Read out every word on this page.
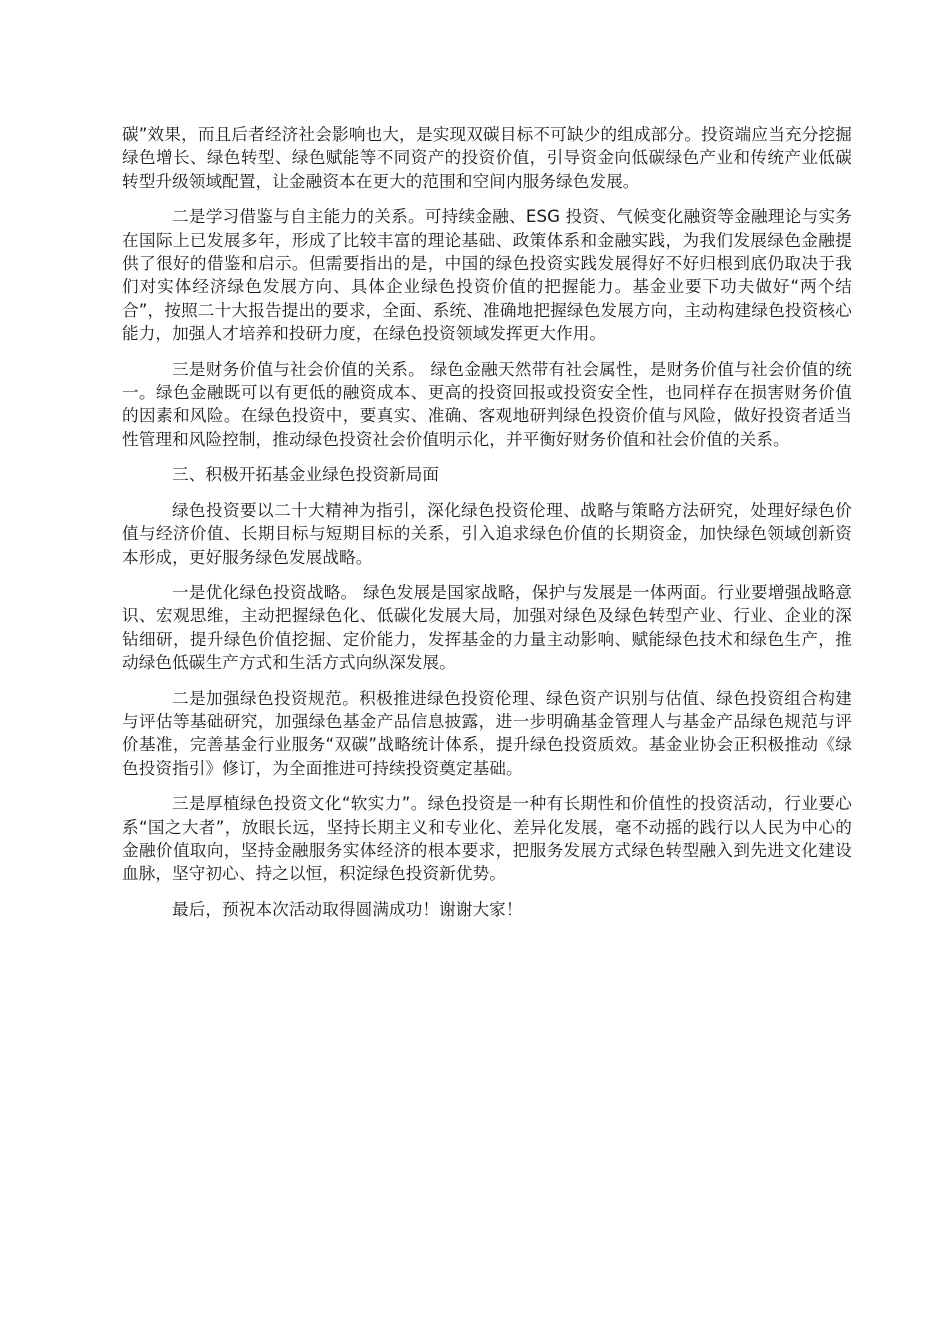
碳”效果，而且后者经济社会影响也大，是实现双碳目标不可缺少的组成部分。投资端应当充分挖掘绿色增长、绿色转型、绿色赋能等不同资产的投资价值，引导资金向低碳绿色产业和传统产业低碳转型升级领域配置，让金融资本在更大的范围和空间内服务绿色发展。

二是学习借鉴与自主能力的关系。可持续金融、ESG 投资、气候变化融资等金融理论与实务在国际上已发展多年，形成了比较丰富的理论基础、政策体系和金融实践，为我们发展绿色金融提供了很好的借鉴和启示。但需要指出的是，中国的绿色投资实践发展得好不好归根到底仍取决于我们对实体经济绿色发展方向、具体企业绿色投资价值的把握能力。基金业要下功夫做好“两个结合”，按照二十大报告提出的要求，全面、系统、准确地把握绿色发展方向，主动构建绿色投资核心能力，加强人才培养和投研力度，在绿色投资领域发挥更大作用。

三是财务价值与社会价值的关系。 绿色金融天然带有社会属性，是财务价值与社会价值的统一。绿色金融既可以有更低的融资成本、更高的投资回报或投资安全性，也同样存在损害财务价值的因素和风险。在绿色投资中，要真实、准确、客观地研判绿色投资价值与风险，做好投资者适当性管理和风险控制，推动绿色投资社会价值明示化，并平衡好财务价值和社会价值的关系。

三、积极开拓基金业绿色投资新局面

绿色投资要以二十大精神为指引，深化绿色投资伦理、战略与策略方法研究，处理好绿色价值与经济价值、长期目标与短期目标的关系，引入追求绿色价值的长期资金，加快绿色领域创新资本形成，更好服务绿色发展战略。

一是优化绿色投资战略。 绿色发展是国家战略，保护与发展是一体两面。行业要增强战略意识、宏观思维，主动把握绿色化、低碳化发展大局，加强对绿色及绿色转型产业、行业、企业的深钻细研，提升绿色价值挖掘、定价能力，发挥基金的力量主动影响、赋能绿色技术和绿色生产，推动绿色低碳生产方式和生活方式向纵深发展。

二是加强绿色投资规范。积极推进绿色投资伦理、绿色资产识别与估值、绿色投资组合构建与评估等基础研究，加强绿色基金产品信息披露，进一步明确基金管理人与基金产品绿色规范与评价基准，完善基金行业服务“双碳”战略统计体系，提升绿色投资质效。基金业协会正积极推动《绿色投资指引》修订，为全面推进可持续投资奠定基础。

三是厚植绿色投资文化“软实力”。绿色投资是一种有长期性和价值性的投资活动，行业要心系“国之大者”，放眼长远，坚持长期主义和专业化、差异化发展，毫不动摇的践行以人民为中心的金融价值取向，坚持金融服务实体经济的根本要求，把服务发展方式绿色转型融入到先进文化建设血脉，坚守初心、持之以恒，积淀绿色投资新优势。

最后，预祝本次活动取得圆满成功！谢谢大家！
